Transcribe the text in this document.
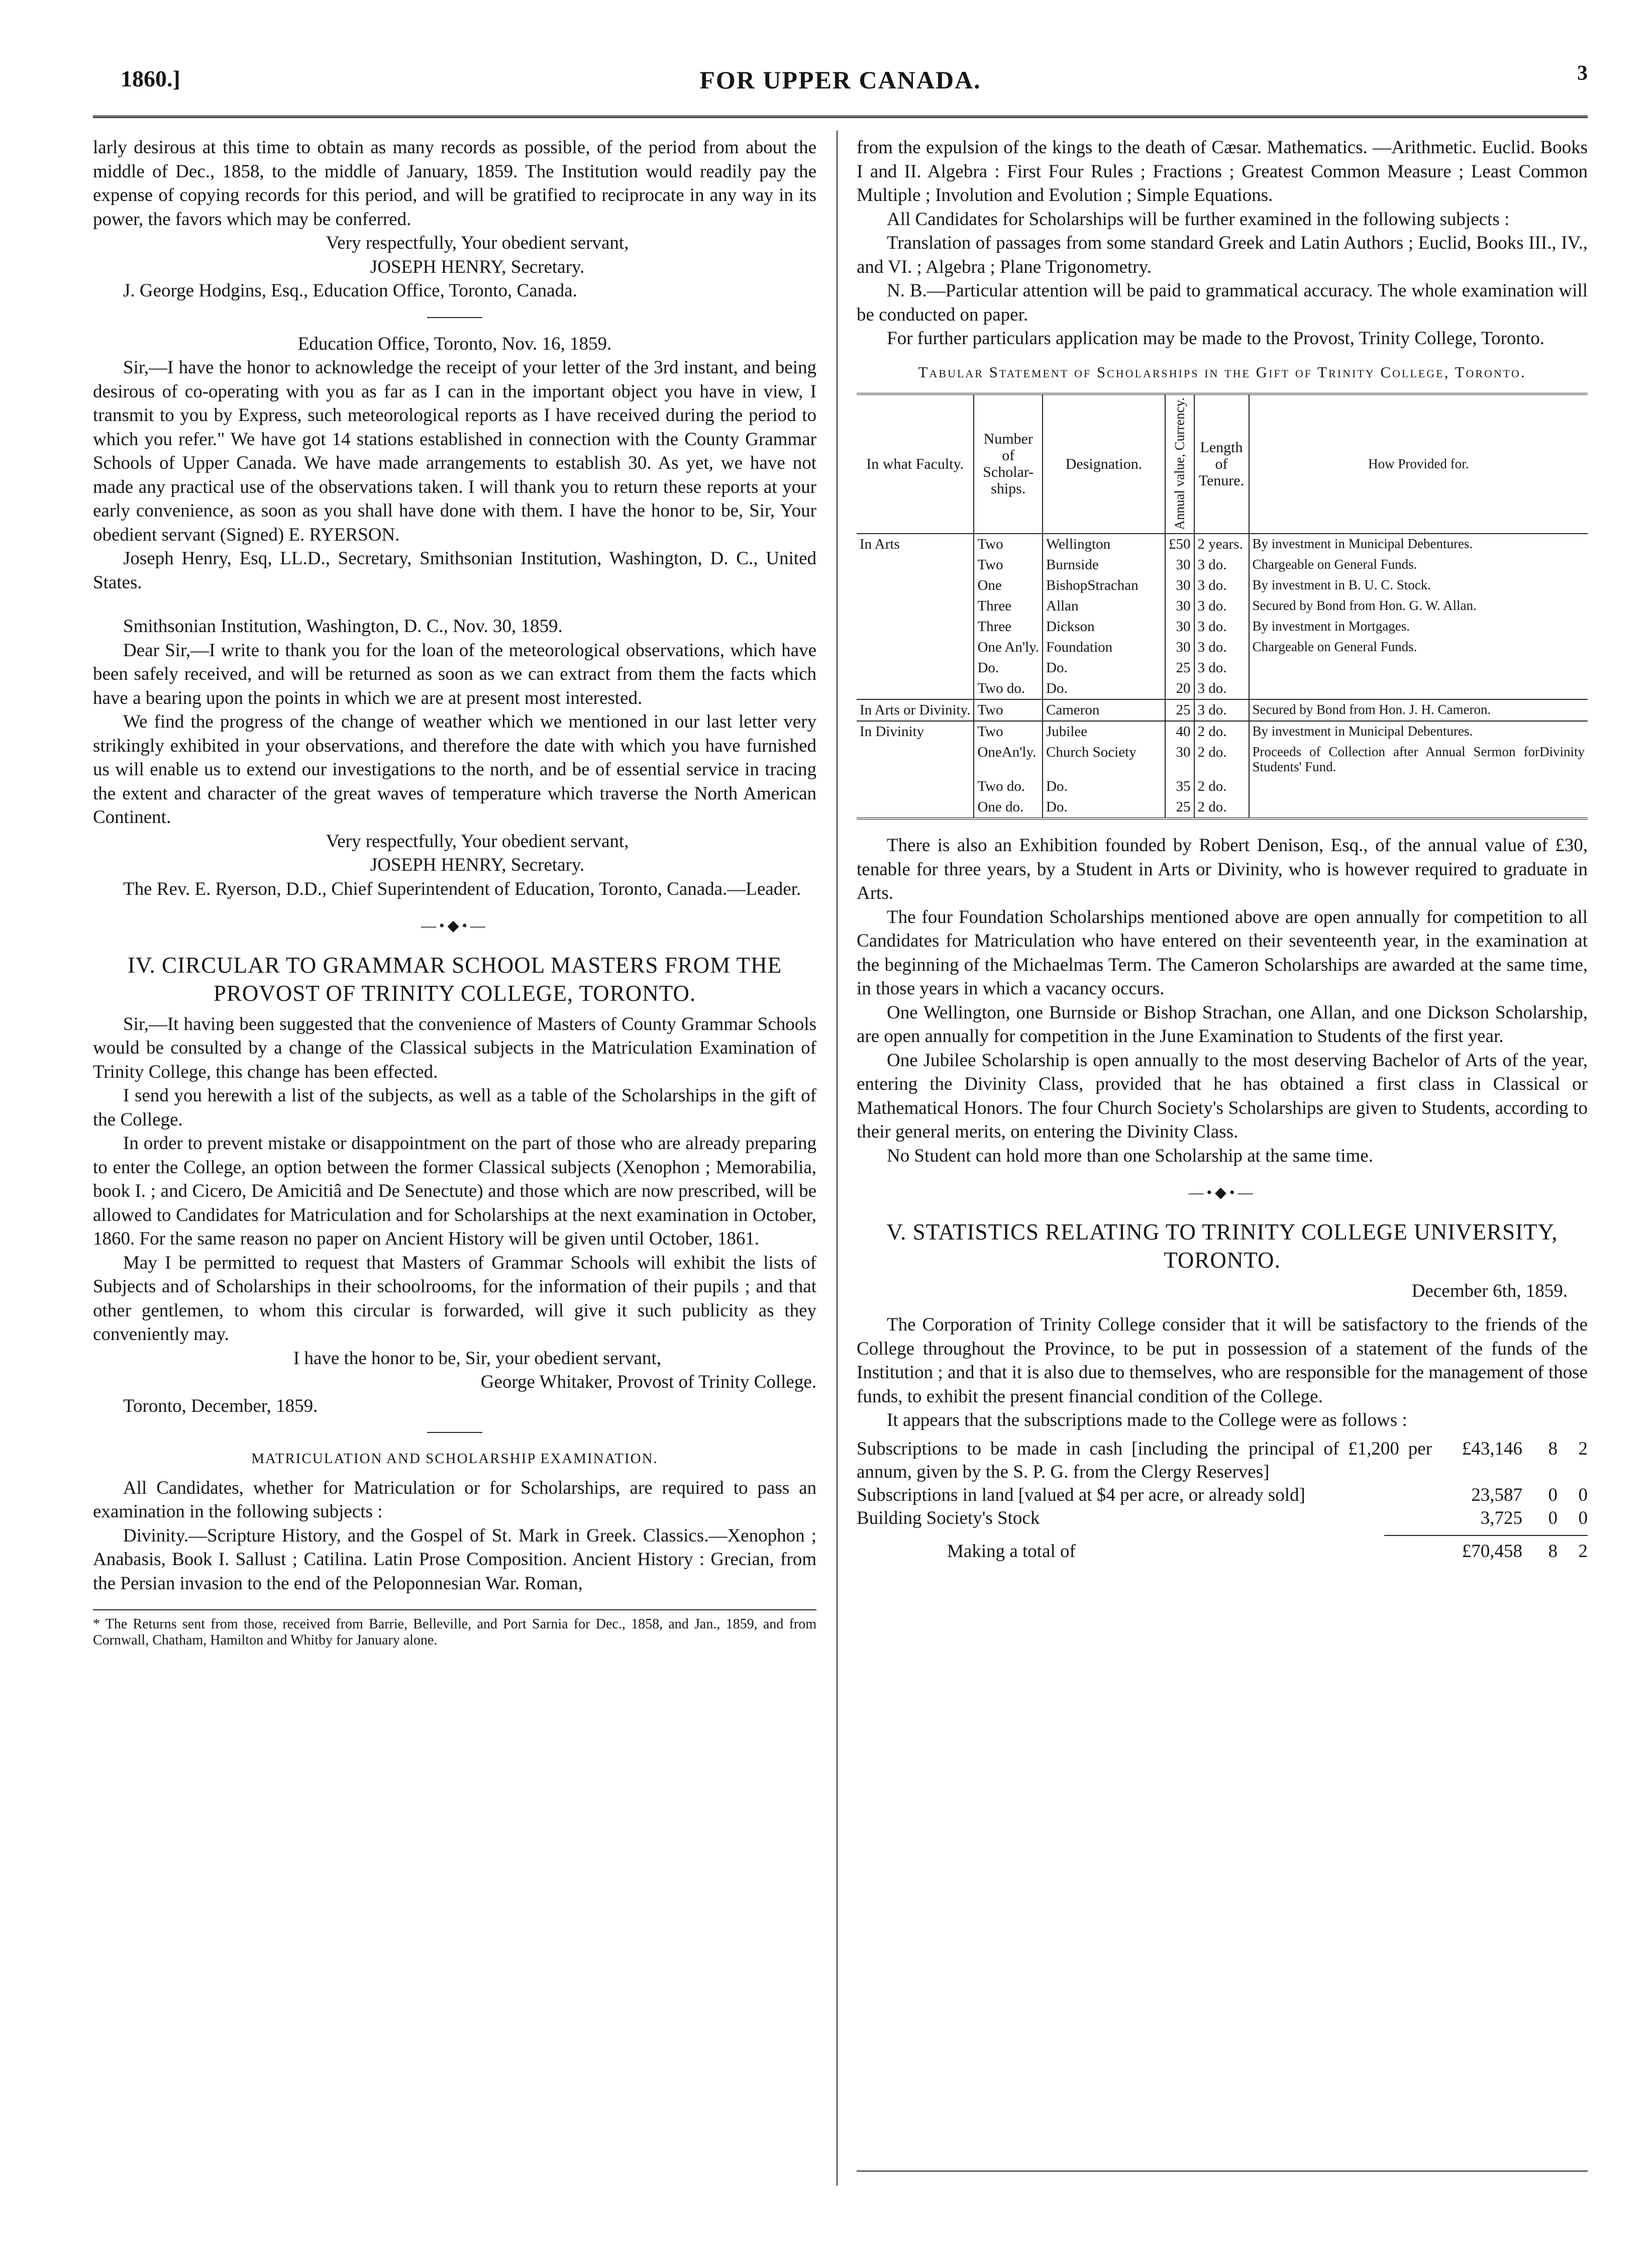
1860.]	FOR UPPER CANADA.	3

larly desirous at this time to obtain as many records as possible, of the period from about the middle of Dec., 1858, to the middle of January, 1859. The Institution would readily pay the expense of copying records for this period, and will be gratified to reciprocate in any way in its power, the favors which may be conferred.

Very respectfully, Your obedient servant,

JOSEPH HENRY, Secretary.

J. George Hodgins, Esq., Education Office, Toronto, Canada.

Education Office, Toronto, Nov. 16, 1859.

Sir,—I have the honor to acknowledge the receipt of your letter of the 3rd instant, and being desirous of co-operating with you as far as I can in the important object you have in view, I transmit to you by Express, such meteorological reports as I have received during the period to which you refer." We have got 14 stations established in connection with the County Grammar Schools of Upper Canada. We have made arrangements to establish 30. As yet, we have not made any practical use of the observations taken. I will thank you to return these reports at your early convenience, as soon as you shall have done with them. I have the honor to be, Sir, Your obedient servant (Signed) E. RYERSON.

Joseph Henry, Esq, LL.D., Secretary, Smithsonian Institution, Washington, D. C., United States.

Smithsonian Institution, Washington, D. C., Nov. 30, 1859.

Dear Sir,—I write to thank you for the loan of the meteorological observations, which have been safely received, and will be returned as soon as we can extract from them the facts which have a bearing upon the points in which we are at present most interested.

We find the progress of the change of weather which we mentioned in our last letter very strikingly exhibited in your observations, and therefore the date with which you have furnished us will enable us to extend our investigations to the north, and be of essential service in tracing the extent and character of the great waves of temperature which traverse the North American Continent.

Very respectfully, Your obedient servant,

JOSEPH HENRY, Secretary.

The Rev. E. Ryerson, D.D., Chief Superintendent of Education, Toronto, Canada.—Leader.

—•◆•—

IV. CIRCULAR TO GRAMMAR SCHOOL MASTERS FROM THE PROVOST OF TRINITY COLLEGE, TORONTO.

Sir,—It having been suggested that the convenience of Masters of County Grammar Schools would be consulted by a change of the Classical subjects in the Matriculation Examination of Trinity College, this change has been effected.

I send you herewith a list of the subjects, as well as a table of the Scholarships in the gift of the College.

In order to prevent mistake or disappointment on the part of those who are already preparing to enter the College, an option between the former Classical subjects (Xenophon ; Memorabilia, book I. ; and Cicero, De Amicitiâ and De Senectute) and those which are now prescribed, will be allowed to Candidates for Matriculation and for Scholarships at the next examination in October, 1860. For the same reason no paper on Ancient History will be given until October, 1861.

May I be permitted to request that Masters of Grammar Schools will exhibit the lists of Subjects and of Scholarships in their schoolrooms, for the information of their pupils ; and that other gentlemen, to whom this circular is forwarded, will give it such publicity as they conveniently may.

I have the honor to be, Sir, your obedient servant,

George Whitaker, Provost of Trinity College.

Toronto, December, 1859.

MATRICULATION AND SCHOLARSHIP EXAMINATION.

All Candidates, whether for Matriculation or for Scholarships, are required to pass an examination in the following subjects :

Divinity.—Scripture History, and the Gospel of St. Mark in Greek. Classics.—Xenophon ; Anabasis, Book I. Sallust ; Catilina. Latin Prose Composition. Ancient History : Grecian, from the Persian invasion to the end of the Peloponnesian War. Roman,

* The Returns sent from those, received from Barrie, Belleville, and Port Sarnia for Dec., 1858, and Jan., 1859, and from Cornwall, Chatham, Hamilton and Whitby for January alone.

from the expulsion of the kings to the death of Cæsar. Mathematics. —Arithmetic. Euclid. Books I and II. Algebra : First Four Rules ; Fractions ; Greatest Common Measure ; Least Common Multiple ; Involution and Evolution ; Simple Equations.

All Candidates for Scholarships will be further examined in the following subjects :

Translation of passages from some standard Greek and Latin Authors ; Euclid, Books III., IV., and VI. ; Algebra ; Plane Trigonometry.

N. B.—Particular attention will be paid to grammatical accuracy. The whole examination will be conducted on paper.

For further particulars application may be made to the Provost, Trinity College, Toronto.

Tabular Statement of Scholarships in the Gift of Trinity College, Toronto.

In what Faculty.	Number of Scholar-ships.	Designation.	Annual value, Currency.	Length of Tenure.	How Provided for.
In Arts	Two	Wellington	£50	2 years.	By investment in Municipal Debentures.
	Two	Burnside	30	3 do.	Chargeable on General Funds.
	One	BishopStrachan	30	3 do.	By investment in B. U. C. Stock.
	Three	Allan	30	3 do.	Secured by Bond from Hon. G. W. Allan.
	Three	Dickson	30	3 do.	By investment in Mortgages.
	One An'ly.	Foundation	30	3 do.	Chargeable on General Funds.
	Do.	Do.	25	3 do.	
	Two do.	Do.	20	3 do.	
In Arts or Divinity.	Two	Cameron	25	3 do.	Secured by Bond from Hon. J. H. Cameron.
In Divinity	Two	Jubilee	40	2 do.	By investment in Municipal Debentures.
	OneAn'ly.	Church Society	30	2 do.	Proceeds of Collection after Annual Sermon forDivinity Students' Fund.
	Two do.	Do.	35	2 do.	
	One do.	Do.	25	2 do.	

There is also an Exhibition founded by Robert Denison, Esq., of the annual value of £30, tenable for three years, by a Student in Arts or Divinity, who is however required to graduate in Arts.

The four Foundation Scholarships mentioned above are open annually for competition to all Candidates for Matriculation who have entered on their seventeenth year, in the examination at the beginning of the Michaelmas Term. The Cameron Scholarships are awarded at the same time, in those years in which a vacancy occurs.

One Wellington, one Burnside or Bishop Strachan, one Allan, and one Dickson Scholarship, are open annually for competition in the June Examination to Students of the first year.

One Jubilee Scholarship is open annually to the most deserving Bachelor of Arts of the year, entering the Divinity Class, provided that he has obtained a first class in Classical or Mathematical Honors. The four Church Society's Scholarships are given to Students, according to their general merits, on entering the Divinity Class.

No Student can hold more than one Scholarship at the same time.

—•◆•—

V. STATISTICS RELATING TO TRINITY COLLEGE UNIVERSITY, TORONTO.

December 6th, 1859.

The Corporation of Trinity College consider that it will be satisfactory to the friends of the College throughout the Province, to be put in possession of a statement of the funds of the Institution ; and that it is also due to themselves, who are responsible for the management of those funds, to exhibit the present financial condition of the College.

It appears that the subscriptions made to the College were as follows :

Subscriptions to be made in cash [including the principal of £1,200 per annum, given by the S. P. G. from the Clergy Reserves]
£43,146	8	2
Subscriptions in land [valued at $4 per acre, or already sold]	23,587	0	0
Building Society's Stock	3,725	0	0
Making a total of	£70,458	8	2
